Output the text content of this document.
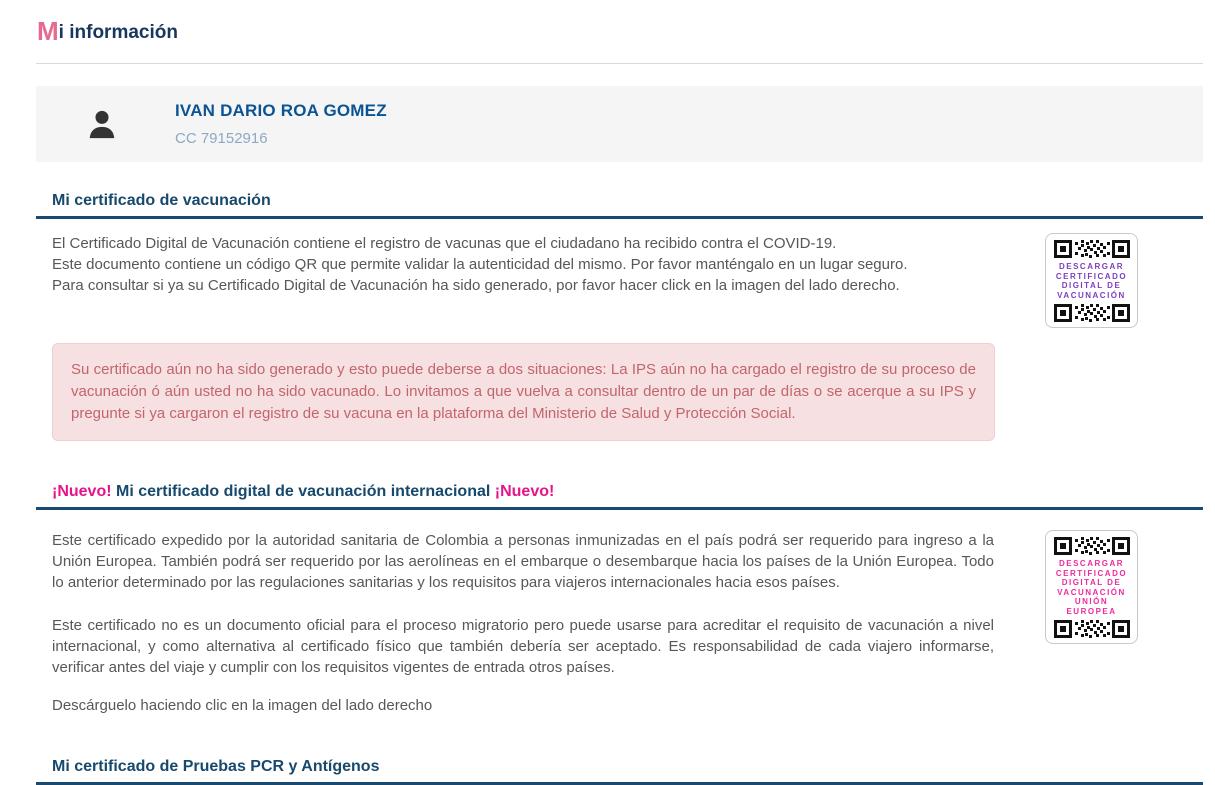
Mi información
IVAN DARIO ROA GOMEZ
CC 79152916
Mi certificado de vacunación
El Certificado Digital de Vacunación contiene el registro de vacunas que el ciudadano ha recibido contra el COVID-19.
Este documento contiene un código QR que permite validar la autenticidad del mismo. Por favor manténgalo en un lugar seguro.
Para consultar si ya su Certificado Digital de Vacunación ha sido generado, por favor hacer click en la imagen del lado derecho.
DESCARGAR
CERTIFICADO
DIGITAL DE
VACUNACIÓN
Su certificado aún no ha sido generado y esto puede deberse a dos situaciones: La IPS aún no ha cargado el registro de su proceso de vacunación ó aún usted no ha sido vacunado. Lo invitamos a que vuelva a consultar dentro de un par de días o se acerque a su IPS y pregunte si ya cargaron el registro de su vacuna en la plataforma del Ministerio de Salud y Protección Social.
¡Nuevo! Mi certificado digital de vacunación internacional ¡Nuevo!
Este certificado expedido por la autoridad sanitaria de Colombia a personas inmunizadas en el país podrá ser requerido para ingreso a la Unión Europea. También podrá ser requerido por las aerolíneas en el embarque o desembarque hacia los países de la Unión Europea. Todo lo anterior determinado por las regulaciones sanitarias y los requisitos para viajeros internacionales hacia esos países.
Este certificado no es un documento oficial para el proceso migratorio pero puede usarse para acreditar el requisito de vacunación a nivel internacional, y como alternativa al certificado físico que también debería ser aceptado. Es responsabilidad de cada viajero informarse, verificar antes del viaje y cumplir con los requisitos vigentes de entrada otros países.
Descárguelo haciendo clic en la imagen del lado derecho
DESCARGAR
CERTIFICADO
DIGITAL DE
VACUNACIÓN
UNIÓN EUROPEA
Mi certificado de Pruebas PCR y Antígenos
